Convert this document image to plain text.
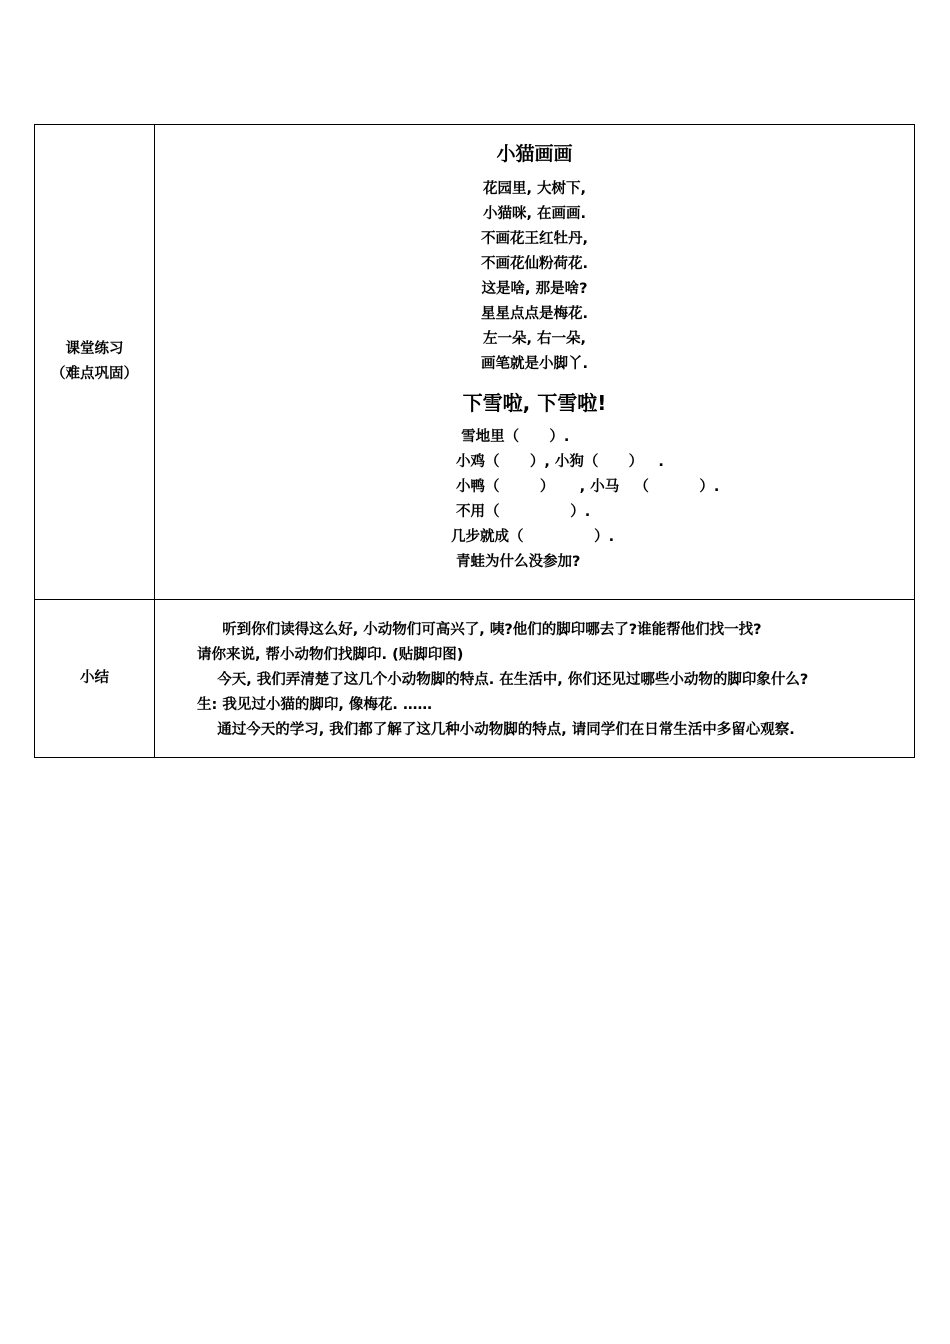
课堂练习
（难点巩固）
小猫画画
花园里, 大树下,
小猫咪, 在画画.
不画花王红牡丹,
不画花仙粉荷花.
这是啥, 那是啥?
星星点点是梅花.
左一朵, 右一朵,
画笔就是小脚丫.
下雪啦, 下雪啦!
雪地里（      ）.
小鸡（      ）, 小狗（      ）   .
小鸭（        ）     , 小马   （          ）.
不用（              ）.
几步就成（              ）.
青蛙为什么没参加?
小结
听到你们读得这么好, 小动物们可高兴了, 咦?他们的脚印哪去了?谁能帮他们找一找?
请你来说, 帮小动物们找脚印. (贴脚印图)
今天, 我们弄清楚了这几个小动物脚的特点. 在生活中, 你们还见过哪些小动物的脚印象什么?
生: 我见过小猫的脚印, 像梅花. ……
通过今天的学习, 我们都了解了这几种小动物脚的特点, 请同学们在日常生活中多留心观察.
